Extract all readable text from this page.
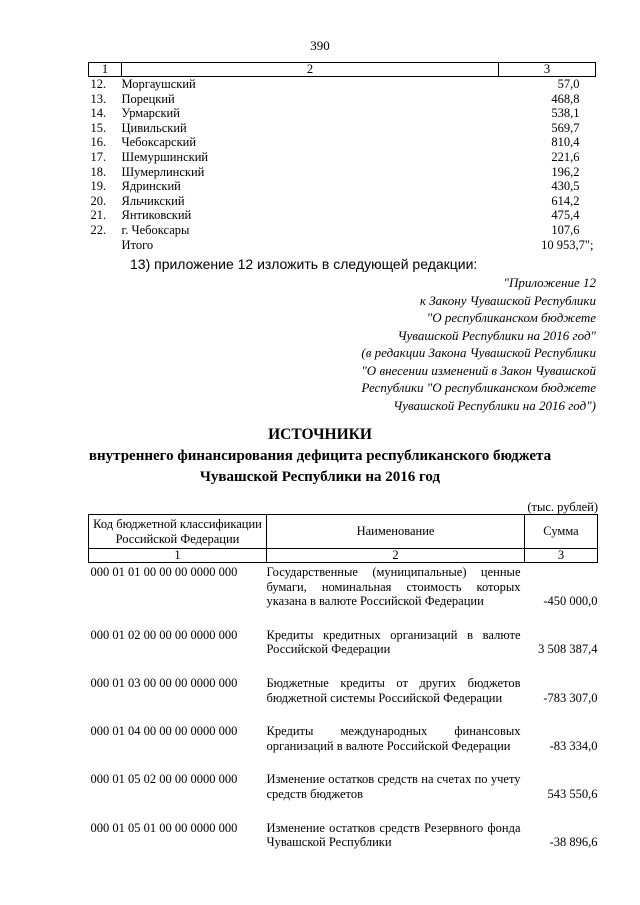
390
1	2	3
12.	Моргаушский	57,0
13.	Порецкий	468,8
14.	Урмарский	538,1
15.	Цивильский	569,7
16.	Чебоксарский	810,4
17.	Шемуршинский	221,6
18.	Шумерлинский	196,2
19.	Ядринский	430,5
20.	Яльчикский	614,2
21.	Янтиковский	475,4
22.	г. Чебоксары	107,6
	Итого	10 953,7";
13) приложение 12 изложить в следующей редакции:
"Приложение 12
к Закону Чувашской Республики
"О республиканском бюджете
Чувашской Республики на 2016 год"
(в редакции Закона Чувашской Республики
"О внесении изменений в Закон Чувашской
Республики "О республиканском бюджете
Чувашской Республики на 2016 год")
ИСТОЧНИКИ
внутреннего финансирования дефицита республиканского бюджета
Чувашской Республики на 2016 год
(тыс. рублей)
Код бюджетной классификации Российской Федерации	Наименование	Сумма
1	2	3
000 01 01 00 00 00 0000 000	Государственные (муниципальные) ценные бумаги, номинальная стоимость которых указана в валюте Российской Федерации	-450 000,0
000 01 02 00 00 00 0000 000	Кредиты кредитных организаций в валюте Российской Федерации	3 508 387,4
000 01 03 00 00 00 0000 000	Бюджетные кредиты от других бюджетов бюджетной системы Российской Федерации	-783 307,0
000 01 04 00 00 00 0000 000	Кредиты международных финансовых организаций в валюте Российской Федерации	-83 334,0
000 01 05 02 00 00 0000 000	Изменение остатков средств на счетах по учету средств бюджетов	543 550,6
000 01 05 01 00 00 0000 000	Изменение остатков средств Резервного фонда Чувашской Республики	-38 896,6
